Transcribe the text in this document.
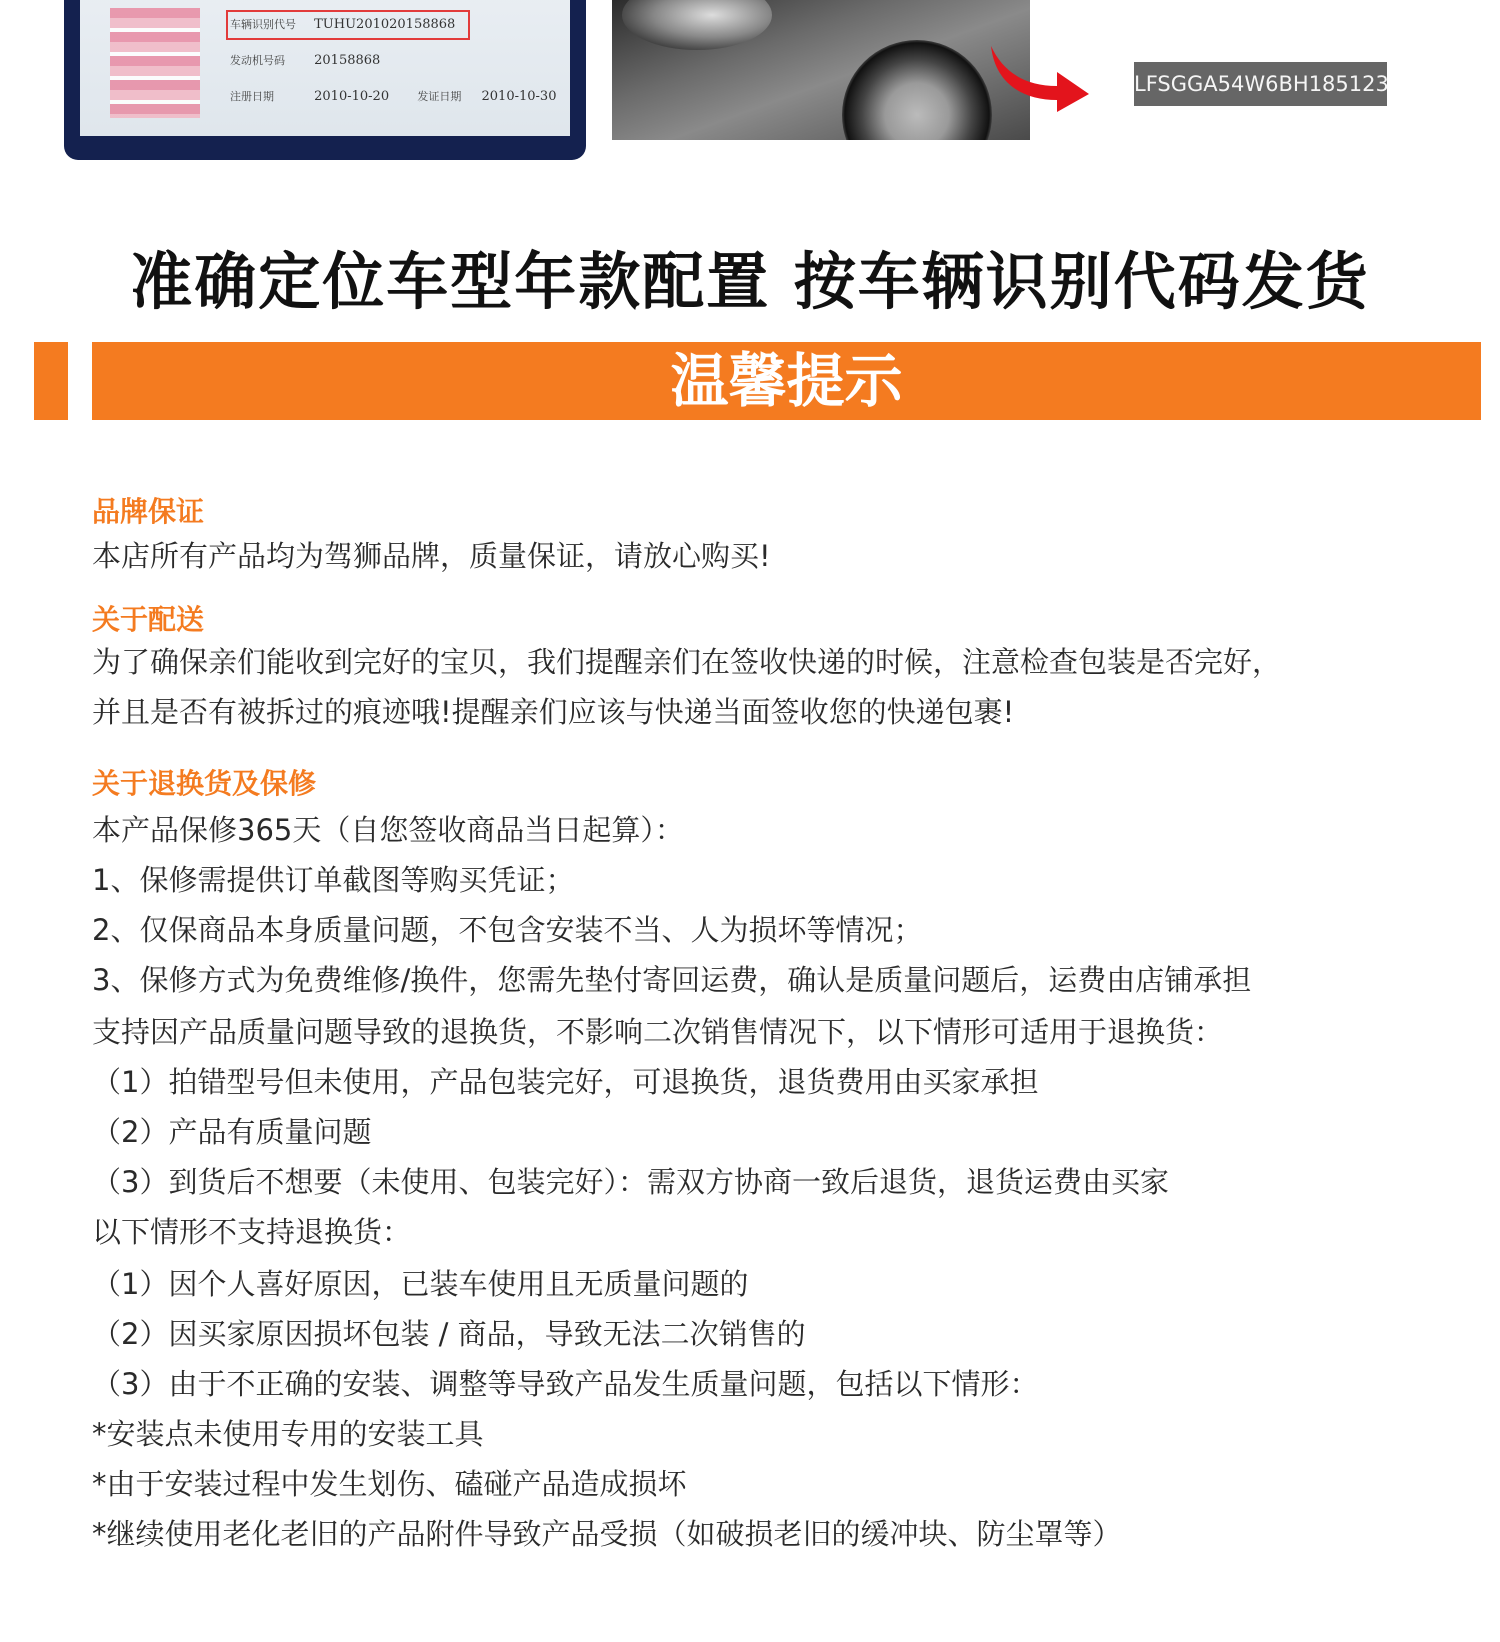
车辆识别代号 TUHU201020158868
发动机号码 20158868
注册日期	2010-10-20	发证日期 2010-10-30
LFSGGA54W6BH185123
准确定位车型年款配置 按车辆识别代码发货
温馨提示
品牌保证
本店所有产品均为驾狮品牌，质量保证，请放心购买!
关于配送
为了确保亲们能收到完好的宝贝，我们提醒亲们在签收快递的时候，注意检查包装是否完好，
并且是否有被拆过的痕迹哦!提醒亲们应该与快递当面签收您的快递包裹!
关于退换货及保修
本产品保修365天（自您签收商品当日起算）：
1、保修需提供订单截图等购买凭证；
2、仅保商品本身质量问题，不包含安装不当、人为损坏等情况；
3、保修方式为免费维修/换件，您需先垫付寄回运费，确认是质量问题后，运费由店铺承担
支持因产品质量问题导致的退换货，不影响二次销售情况下，以下情形可适用于退换货：
（1）拍错型号但未使用，产品包装完好，可退换货，退货费用由买家承担
（2）产品有质量问题
（3）到货后不想要（未使用、包装完好）：需双方协商一致后退货，退货运费由买家
以下情形不支持退换货：
（1）因个人喜好原因，已装车使用且无质量问题的
（2）因买家原因损坏包装 / 商品，导致无法二次销售的
（3）由于不正确的安装、调整等导致产品发生质量问题，包括以下情形：
*安装点未使用专用的安装工具
*由于安装过程中发生划伤、磕碰产品造成损坏
*继续使用老化老旧的产品附件导致产品受损（如破损老旧的缓冲块、防尘罩等）
